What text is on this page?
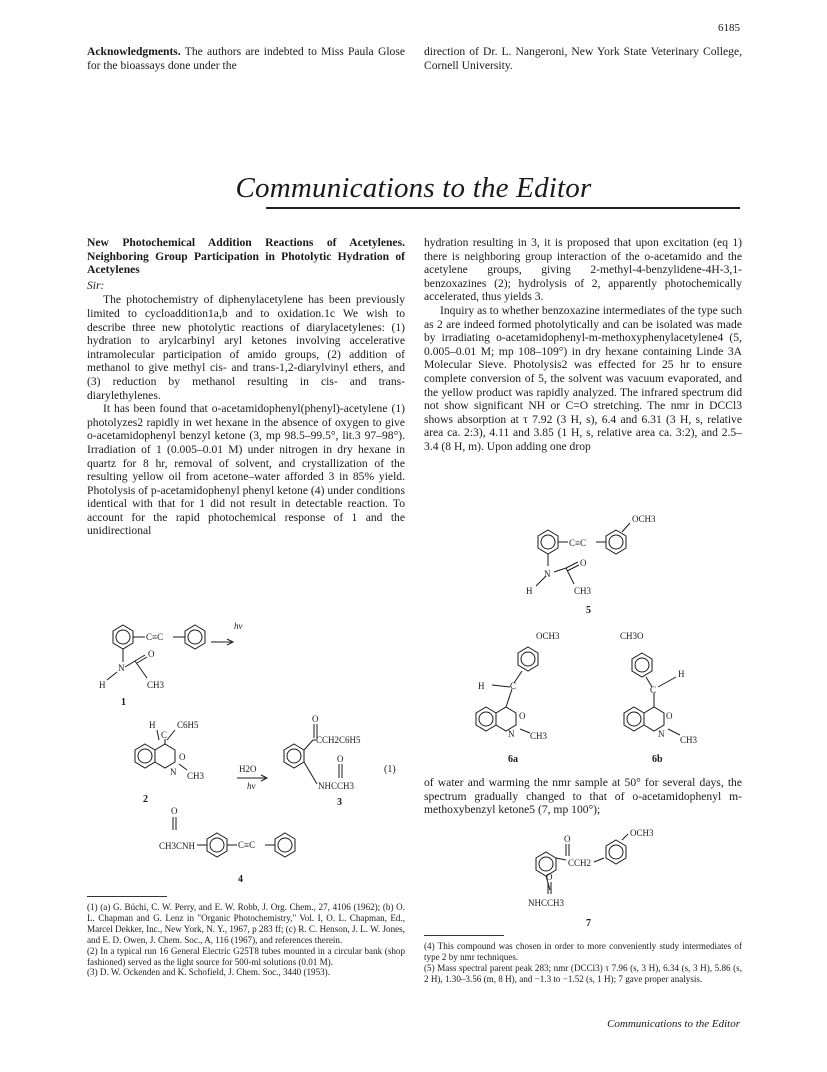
6185
Acknowledgments. The authors are indebted to Miss Paula Glose for the bioassays done under the
direction of Dr. L. Nangeroni, New York State Veterinary College, Cornell University.
Communications to the Editor
New Photochemical Addition Reactions of Acetylenes. Neighboring Group Participation in Photolytic Hydration of Acetylenes

Sir:

The photochemistry of diphenylacetylene has been previously limited to cycloaddition1a,b and to oxidation.1c We wish to describe three new photolytic reactions of diarylacetylenes: (1) hydration to arylcarbinyl aryl ketones involving accelerative intramolecular participation of amido groups, (2) addition of methanol to give methyl cis- and trans-1,2-diarylvinyl ethers, and (3) reduction by methanol resulting in cis- and trans-diarylethylenes.

It has been found that o-acetamidophenyl(phenyl)-acetylene (1) photolyzes2 rapidly in wet hexane in the absence of oxygen to give o-acetamidophenyl benzyl ketone (3, mp 98.5–99.5°, lit.3 97–98°). Irradiation of 1 (0.005–0.01 M) under nitrogen in dry hexane in quartz for 8 hr, removal of solvent, and crystallization of the resulting yellow oil from acetone–water afforded 3 in 85% yield. Photolysis of p-acetamidophenyl phenyl ketone (4) under conditions identical with that for 1 did not result in detectable reaction. To account for the rapid photochemical response of 1 and the unidirectional

hydration resulting in 3, it is proposed that upon excitation (eq 1) there is neighboring group interaction of the o-acetamido and the acetylene groups, giving 2-methyl-4-benzylidene-4H-3,1-benzoxazines (2); hydrolysis of 2, apparently photochemically accelerated, thus yields 3.

Inquiry as to whether benzoxazine intermediates of the type such as 2 are indeed formed photolytically and can be isolated was made by irradiating o-acetamidophenyl-m-methoxyphenylacetylene4 (5, 0.005–0.01 M; mp 108–109°) in dry hexane containing Linde 3A Molecular Sieve. Photolysis2 was effected for 25 hr to ensure complete conversion of 5, the solvent was vacuum evaporated, and the yellow product was rapidly analyzed. The infrared spectrum did not show significant NH or C=O stretching. The nmr in DCCl3 shows absorption at τ 7.92 (3 H, s), 6.4 and 6.31 (3 H, s, relative area ca. 2:3), 4.11 and 3.85 (1 H, s, relative area ca. 3:2), and 2.5–3.4 (8 H, m). Upon adding one drop

of water and warming the nmr sample at 50° for several days, the spectrum gradually changed to that of o-acetamidophenyl m-methoxybenzyl ketone5 (7, mp 100°);

C≡C
hν
O
N
H	CH3
1
H C6H5
C
O
N CH3
2
H2O
hν
O
CCH2C6H5
O
NHCCH3
(1)
3
O
CH3CNH	C≡C
4
OCH3
C≡C
O
N
H	CH3
5
OCH3
H	C
O
N CH3
6a
CH3O
H
C
O
N
CH3
6b
O
OCH3
CCH2
O
NHCCH3
7
(1) (a) G. Büchi, C. W. Perry, and E. W. Robb, J. Org. Chem., 27, 4106 (1962); (b) O. L. Chapman and G. Lenz in "Organic Photochemistry," Vol. I, O. L. Chapman, Ed., Marcel Dekker, Inc., New York, N. Y., 1967, p 283 ff; (c) R. C. Henson, J. L. W. Jones, and E. D. Owen, J. Chem. Soc., A, 116 (1967), and references therein.
(2) In a typical run 16 General Electric G25T8 tubes mounted in a circular bank (shop fashioned) served as the light source for 500-ml solutions (0.01 M).
(3) D. W. Ockenden and K. Schofield, J. Chem. Soc., 3440 (1953).
(4) This compound was chosen in order to more conveniently study intermediates of type 2 by nmr techniques.
(5) Mass spectral parent peak 283; nmr (DCCl3) τ 7.96 (s, 3 H), 6.34 (s, 3 H), 5.86 (s, 2 H), 1.30–3.56 (m, 8 H), and −1.3 to −1.52 (s, 1 H); 7 gave proper analysis.
Communications to the Editor
